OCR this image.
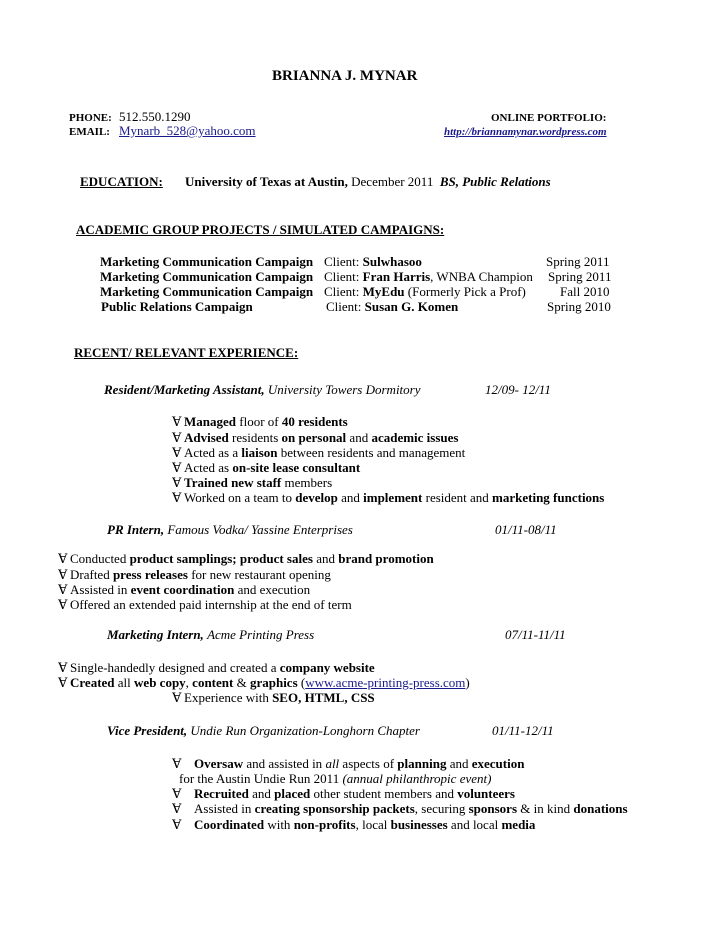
BRIANNA J. MYNAR
PHONE: 512.550.1290
EMAIL: Mynarb_528@yahoo.com
ONLINE PORTFOLIO:
http://briannamynar.wordpress.com
EDUCATION: University of Texas at Austin, December 2011 BS, Public Relations
ACADEMIC GROUP PROJECTS / SIMULATED CAMPAIGNS:
Marketing Communication Campaign Client: Sulwhasoo	Spring 2011
Marketing Communication Campaign Client: Fran Harris, WNBA Champion Spring 2011
Marketing Communication Campaign Client: MyEdu (Formerly Pick a Prof)	Fall 2010
Public Relations Campaign	Client: Susan G. Komen	Spring 2010
RECENT/ RELEVANT EXPERIENCE:
Resident/Marketing Assistant, University Towers Dormitory	12/09- 12/11
Ɐ Managed floor of 40 residents
Ɐ Advised residents on personal and academic issues
Ɐ Acted as a liaison between residents and management
Ɐ Acted as on-site lease consultant
Ɐ Trained new staff members
Ɐ Worked on a team to develop and implement resident and marketing functions
PR Intern, Famous Vodka/ Yassine Enterprises	01/11-08/11
Ɐ Conducted product samplings; product sales and brand promotion
Ɐ Drafted press releases for new restaurant opening
Ɐ Assisted in event coordination and execution
Ɐ Offered an extended paid internship at the end of term
Marketing Intern, Acme Printing Press	07/11-11/11
Ɐ Single-handedly designed and created a company website
Ɐ Created all web copy, content & graphics (www.acme-printing-press.com)
Ɐ Experience with SEO, HTML, CSS
Vice President, Undie Run Organization-Longhorn Chapter	01/11-12/11
Ɐ Oversaw and assisted in all aspects of planning and execution
for the Austin Undie Run 2011 (annual philanthropic event)
Ɐ Recruited and placed other student members and volunteers
Ɐ Assisted in creating sponsorship packets, securing sponsors & in kind donations
Ɐ Coordinated with non-profits, local businesses and local media
